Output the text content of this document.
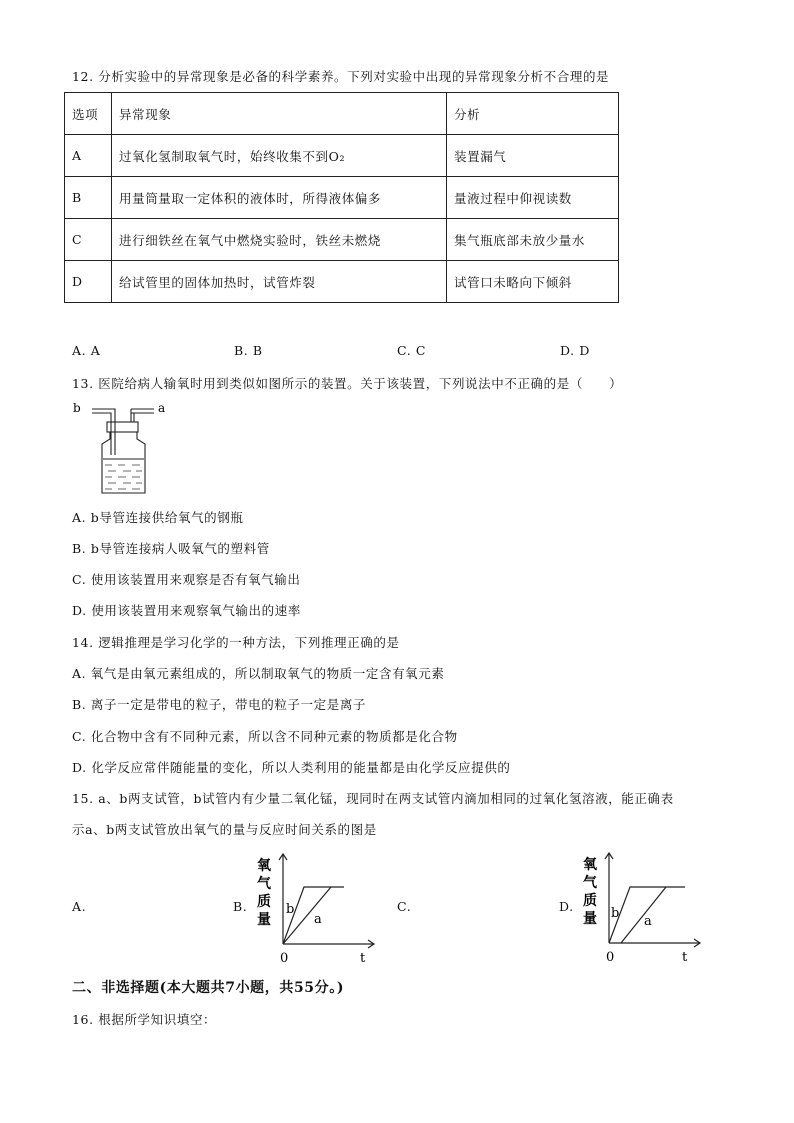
12. 分析实验中的异常现象是必备的科学素养。下列对实验中出现的异常现象分析不合理的是
选项	异常现象	分析
A	过氧化氢制取氧气时，始终收集不到O₂	装置漏气
B	用量筒量取一定体积的液体时，所得液体偏多	量液过程中仰视读数
C	进行细铁丝在氧气中燃烧实验时，铁丝未燃烧	集气瓶底部未放少量水
D	给试管里的固体加热时，试管炸裂	试管口未略向下倾斜
A. A	B. B	C. C	D. D
13. 医院给病人输氧时用到类似如图所示的装置。关于该装置，下列说法中不正确的是（　　）
b	a
A. b导管连接供给氧气的钢瓶
B. b导管连接病人吸氧气的塑料管
C. 使用该装置用来观察是否有氧气输出
D. 使用该装置用来观察氧气输出的速率
14. 逻辑推理是学习化学的一种方法，下列推理正确的是
A. 氧气是由氧元素组成的，所以制取氧气的物质一定含有氧元素
B. 离子一定是带电的粒子，带电的粒子一定是离子
C. 化合物中含有不同种元素，所以含不同种元素的物质都是化合物
D. 化学反应常伴随能量的变化，所以人类利用的能量都是由化学反应提供的
15. a、b两支试管，b试管内有少量二氧化锰，现同时在两支试管内滴加相同的过氧化氢溶液，能正确表
示a、b两支试管放出氧气的量与反应时间关系的图是
A.	B.	C.	D.
氧
气
质
量
b
a
0	t
氧
气
质
量 b
a
0	t
二、非选择题(本大题共7小题，共55分。)
16. 根据所学知识填空：
